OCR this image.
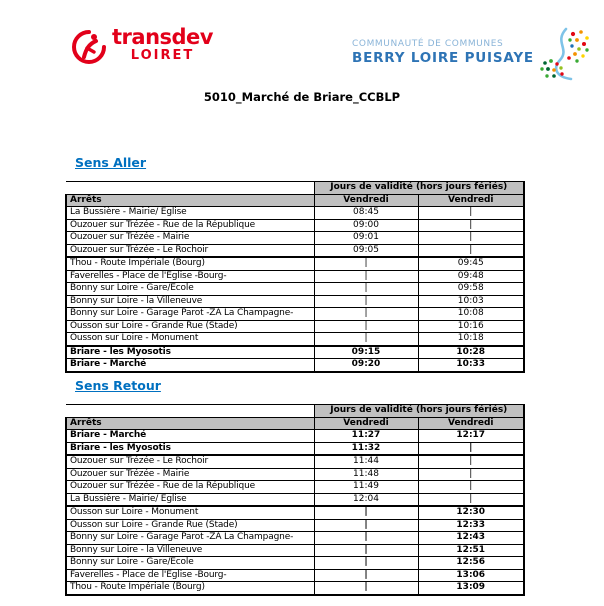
transdev
LOIRET
COMMUNAUTÉ DE COMMUNES
BERRY LOIRE PUISAYE
5010_Marché de Briare_CCBLP
Sens Aller
	Jours de validité (hors jours fériés)	
Arrêts	Vendredi	Vendredi
La Bussière - Mairie/ Eglise	08:45	|
Ouzouer sur Trézée - Rue de la République	09:00	|
Ouzouer sur Trézée - Mairie	09:01	|
Ouzouer sur Trézée - Le Rochoir	09:05	|
Thou - Route Impériale (Bourg)	|	09:45
Faverelles - Place de l'Eglise -Bourg-	|	09:48
Bonny sur Loire - Gare/Ecole	|	09:58
Bonny sur Loire - la Villeneuve	|	10:03
Bonny sur Loire - Garage Parot -ZA La Champagne-	|	10:08
Ousson sur Loire - Grande Rue (Stade)	|	10:16
Ousson sur Loire - Monument	|	10:18
Briare - les Myosotis	09:15	10:28
Briare - Marché	09:20	10:33
Sens Retour
	Jours de validité (hors jours fériés)	
Arrêts	Vendredi	Vendredi
Briare - Marché	11:27	12:17
Briare - les Myosotis	11:32	|
Ouzouer sur Trézée - Le Rochoir	11:44	|
Ouzouer sur Trézée - Mairie	11:48	|
Ouzouer sur Trézée - Rue de la République	11:49	|
La Bussière - Mairie/ Eglise	12:04	|
Ousson sur Loire - Monument	|	12:30
Ousson sur Loire - Grande Rue (Stade)	|	12:33
Bonny sur Loire - Garage Parot -ZA La Champagne-	|	12:43
Bonny sur Loire - la Villeneuve	|	12:51
Bonny sur Loire - Gare/Ecole	|	12:56
Faverelles - Place de l'Eglise -Bourg-	|	13:06
Thou - Route Impériale (Bourg)	|	13:09
